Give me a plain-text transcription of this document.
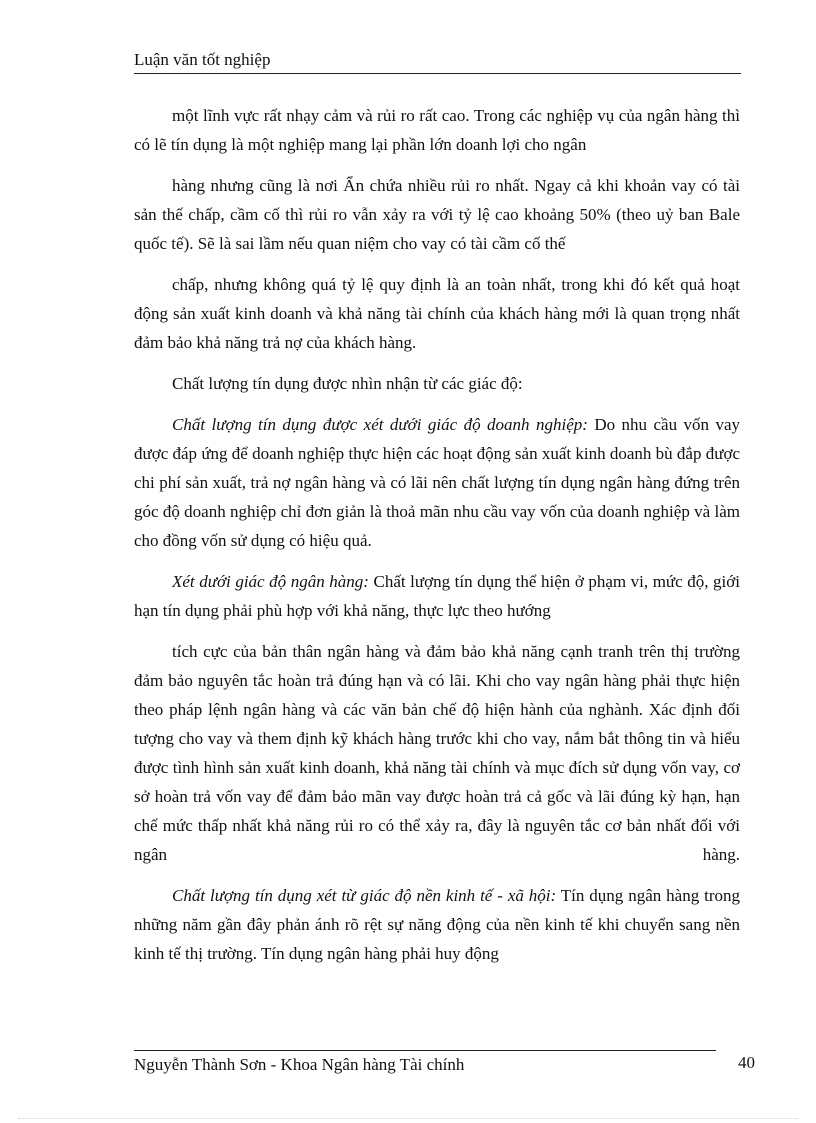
Luận văn tốt nghiệp

một lĩnh vực rất nhạy cảm và rủi ro rất cao. Trong các nghiệp vụ của ngân hàng thì có lẽ tín dụng là một nghiệp mang lại phần lớn doanh lợi cho ngân

hàng nhưng cũng là nơi Ẩn chứa nhiều rủi ro nhất. Ngay cả khi khoản vay có tài sản thế chấp, cầm cố thì rủi ro vẫn xảy ra với tỷ lệ cao khoảng 50% (theo uỷ ban Bale quốc tế). Sẽ là sai lầm nếu quan niệm cho vay có tài cầm cố thế

chấp, nhưng không quá tỷ lệ quy định là an toàn nhất, trong khi đó kết quả hoạt động sản xuất kinh doanh và khả năng tài chính của khách hàng mới là quan trọng nhất đảm bảo khả năng trả nợ của khách hàng.

Chất lượng tín dụng được nhìn nhận từ các giác độ:

Chất lượng tín dụng được xét dưới giác độ doanh nghiệp: Do nhu cầu vốn vay được đáp ứng để doanh nghiệp thực hiện các hoạt động sản xuất kinh doanh bù đắp được chi phí sản xuất, trả nợ ngân hàng và có lãi nên chất lượng tín dụng ngân hàng đứng trên góc độ doanh nghiệp chỉ đơn giản là thoả mãn nhu cầu vay vốn của doanh nghiệp và làm cho đồng vốn sử dụng có hiệu quả.

Xét dưới giác độ ngân hàng: Chất lượng tín dụng thể hiện ở phạm vi, mức độ, giới hạn tín dụng phải phù hợp với khả năng, thực lực theo hướng

tích cực của bản thân ngân hàng và đảm bảo khả năng cạnh tranh trên thị trường đảm bảo nguyên tắc hoàn trả đúng hạn và có lãi. Khi cho vay ngân hàng phải thực hiện theo pháp lệnh ngân hàng và các văn bản chế độ hiện hành của nghành. Xác định đối tượng cho vay và them định kỹ khách hàng trước khi cho vay, nắm bắt thông tin và hiểu được tình hình sản xuất kinh doanh, khả năng tài chính và mục đích sử dụng vốn vay, cơ sở hoàn trả vốn vay để đảm bảo mãn vay được hoàn trả cả gốc và lãi đúng kỳ hạn, hạn chế mức thấp nhất khả năng rủi ro có thể xảy ra, đây là nguyên tắc cơ bản nhất đối với ngân hàng.

Chất lượng tín dụng xét từ giác độ nền kinh tế - xã hội: Tín dụng ngân hàng trong những năm gần đây phản ánh rõ rệt sự năng động của nền kinh tế khi chuyển sang nền kinh tế thị trường. Tín dụng ngân hàng phải huy động

Nguyễn Thành Sơn - Khoa Ngân hàng Tài chính	40
